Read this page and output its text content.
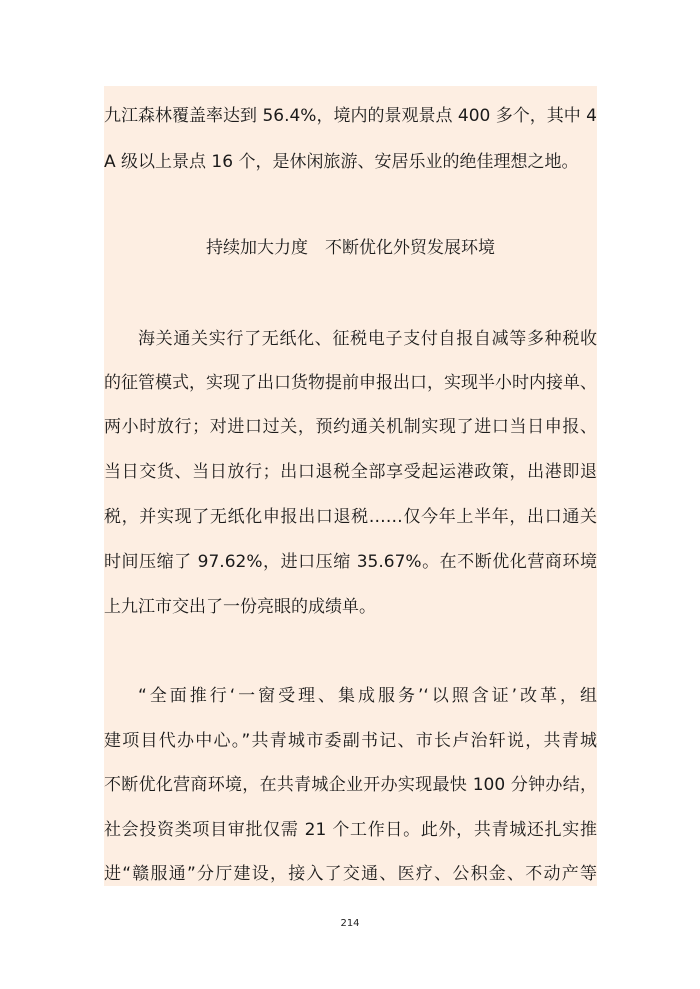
九江森林覆盖率达到 56.4%，境内的景观景点 400 多个，其中 4
A 级以上景点 16 个，是休闲旅游、安居乐业的绝佳理想之地。
持续加大力度　不断优化外贸发展环境
海关通关实行了无纸化、征税电子支付自报自减等多种税收
的征管模式，实现了出口货物提前申报出口，实现半小时内接单、
两小时放行；对进口过关，预约通关机制实现了进口当日申报、
当日交货、当日放行；出口退税全部享受起运港政策，出港即退
税，并实现了无纸化申报出口退税……仅今年上半年，出口通关
时间压缩了 97.62%，进口压缩 35.67%。在不断优化营商环境
上九江市交出了一份亮眼的成绩单。
“全面推行‘一窗受理、集成服务’‘以照含证’改革，组
建项目代办中心。”共青城市委副书记、市长卢治轩说，共青城
不断优化营商环境，在共青城企业开办实现最快 100 分钟办结，
社会投资类项目审批仅需 21 个工作日。此外，共青城还扎实推
进“赣服通”分厅建设，接入了交通、医疗、公积金、不动产等
214
